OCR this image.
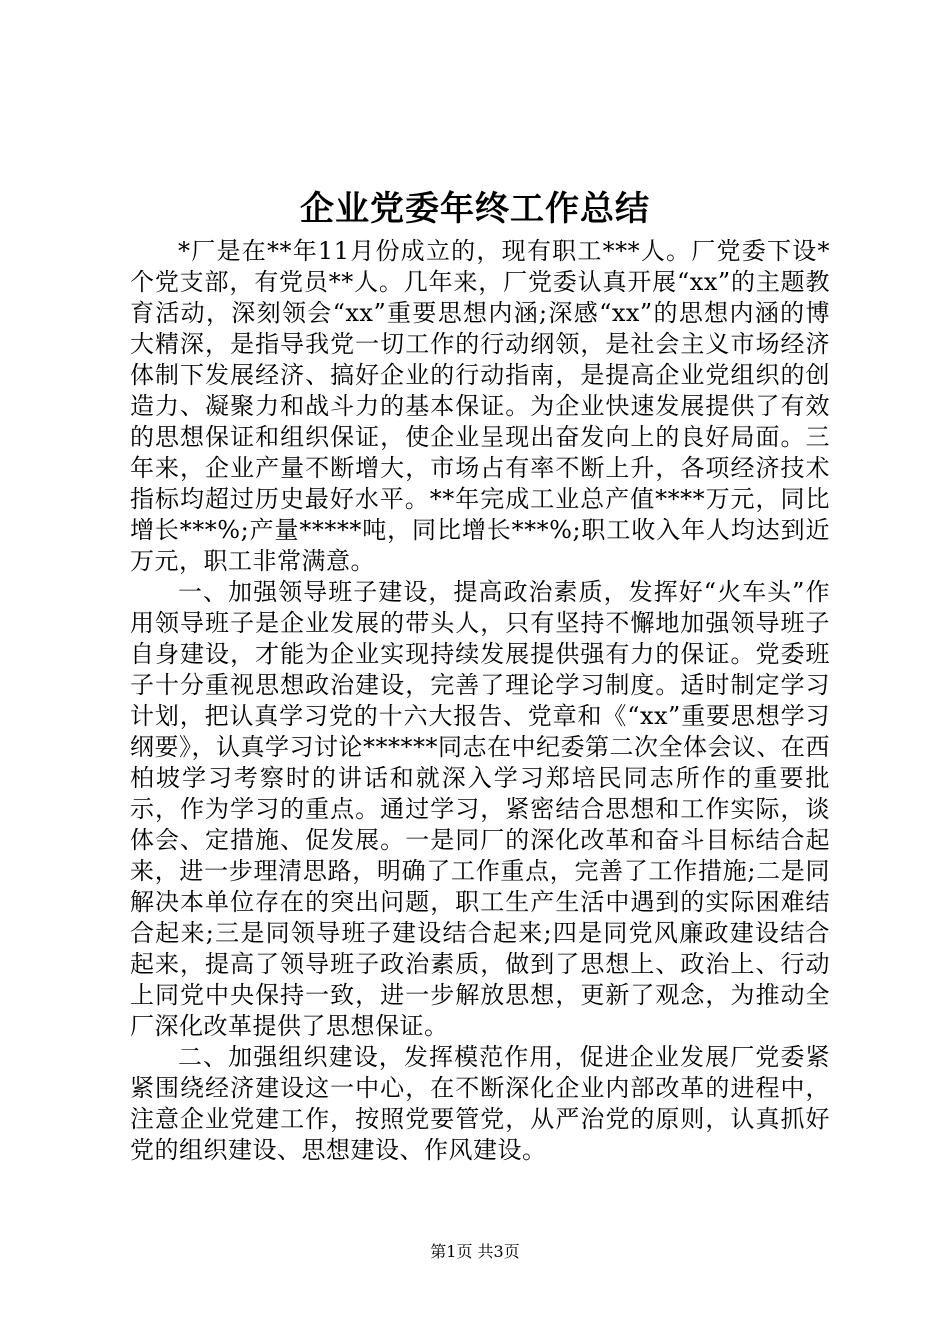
企业党委年终工作总结

*厂是在**年11月份成立的，现有职工***人。厂党委下设*个党支部，有党员**人。几年来，厂党委认真开展“xx”的主题教育活动，深刻领会“xx”重要思想内涵;深感“xx”的思想内涵的博大精深，是指导我党一切工作的行动纲领，是社会主义市场经济体制下发展经济、搞好企业的行动指南，是提高企业党组织的创造力、凝聚力和战斗力的基本保证。为企业快速发展提供了有效的思想保证和组织保证，使企业呈现出奋发向上的良好局面。三年来，企业产量不断增大，市场占有率不断上升，各项经济技术指标均超过历史最好水平。**年完成工业总产值****万元，同比增长***%;产量*****吨，同比增长***%;职工收入年人均达到近万元，职工非常满意。

一、加强领导班子建设，提高政治素质，发挥好“火车头”作用领导班子是企业发展的带头人，只有坚持不懈地加强领导班子自身建设，才能为企业实现持续发展提供强有力的保证。党委班子十分重视思想政治建设，完善了理论学习制度。适时制定学习计划，把认真学习党的十六大报告、党章和《“xx”重要思想学习纲要》，认真学习讨论******同志在中纪委第二次全体会议、在西柏坡学习考察时的讲话和就深入学习郑培民同志所作的重要批示，作为学习的重点。通过学习，紧密结合思想和工作实际，谈体会、定措施、促发展。一是同厂的深化改革和奋斗目标结合起来，进一步理清思路，明确了工作重点，完善了工作措施;二是同解决本单位存在的突出问题，职工生产生活中遇到的实际困难结合起来;三是同领导班子建设结合起来;四是同党风廉政建设结合起来，提高了领导班子政治素质，做到了思想上、政治上、行动上同党中央保持一致，进一步解放思想，更新了观念，为推动全厂深化改革提供了思想保证。

二、加强组织建设，发挥模范作用，促进企业发展厂党委紧紧围绕经济建设这一中心，在不断深化企业内部改革的进程中，注意企业党建工作，按照党要管党，从严治党的原则，认真抓好党的组织建设、思想建设、作风建设。

第1页 共3页
